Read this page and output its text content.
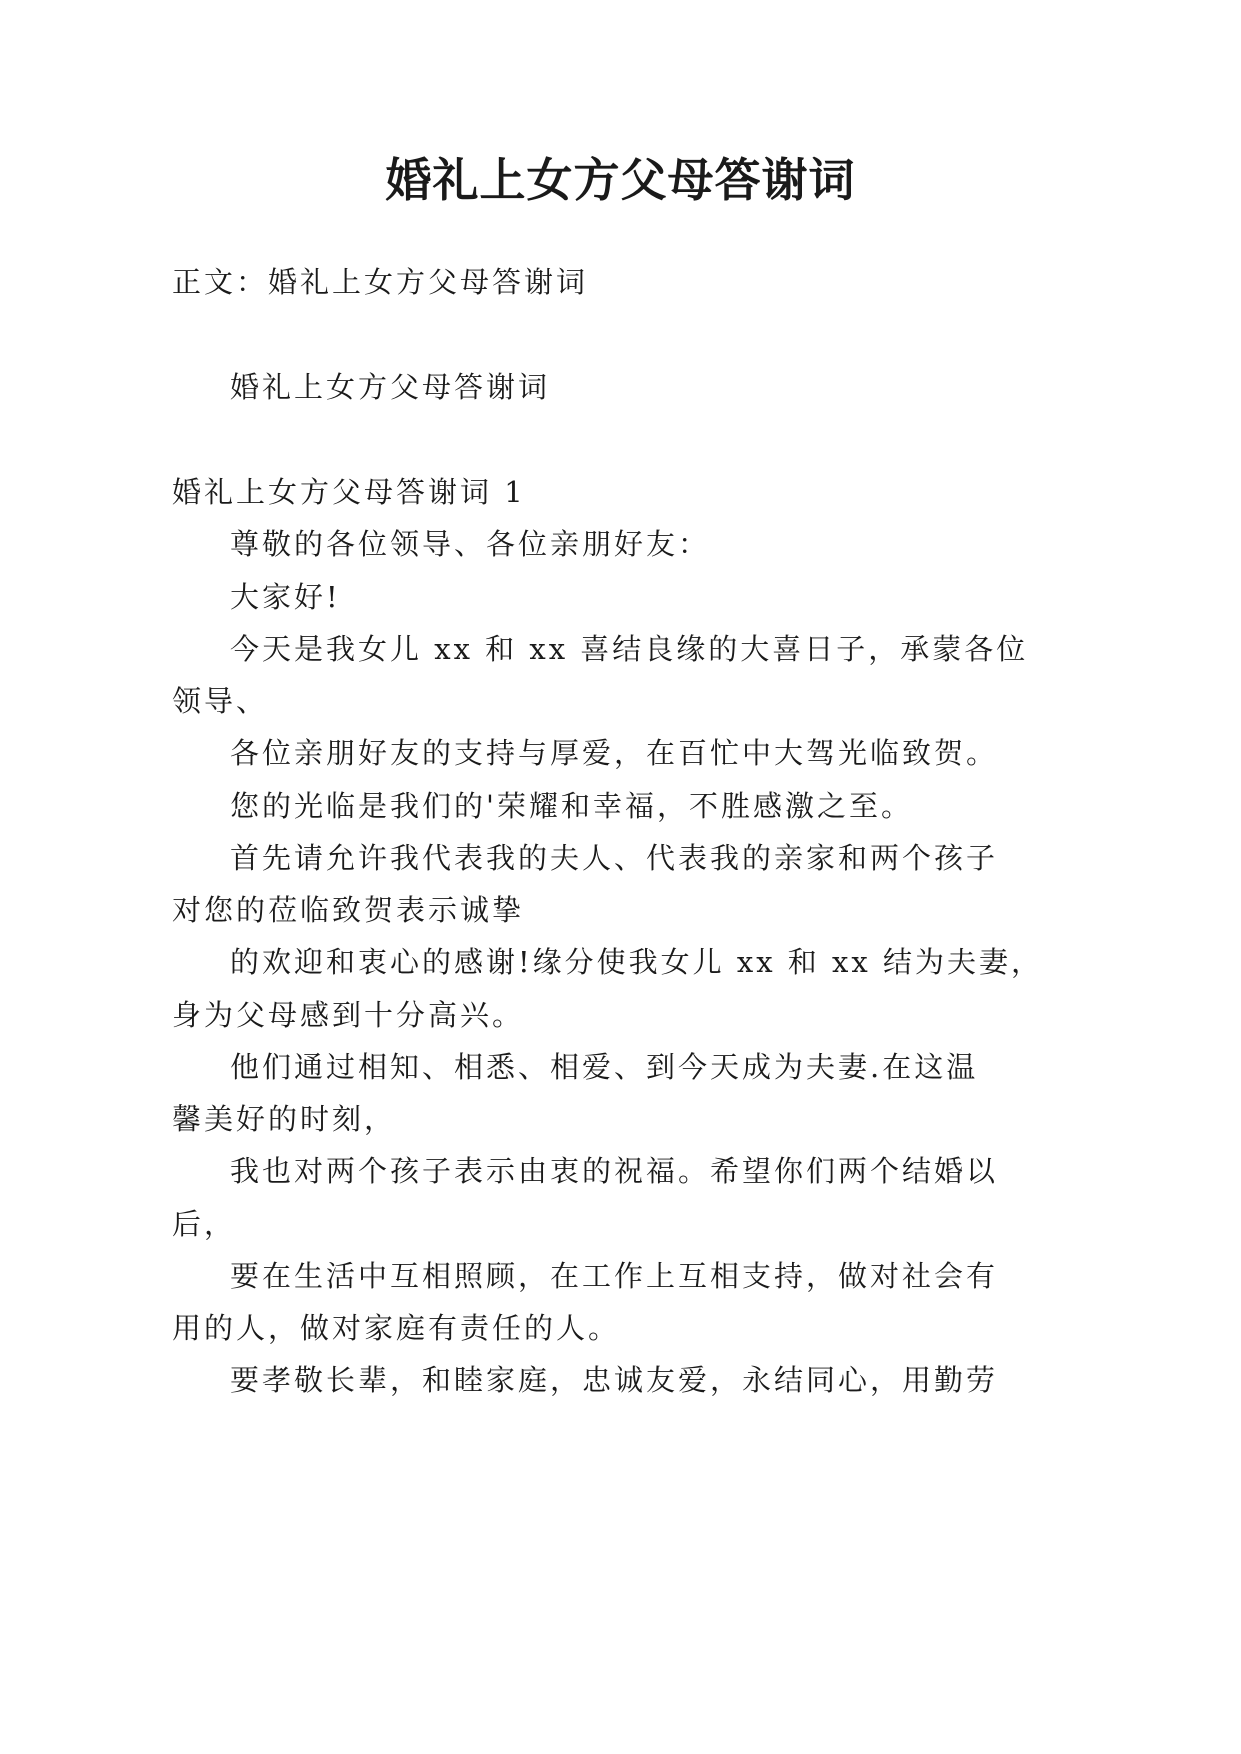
婚礼上女方父母答谢词
正文：婚礼上女方父母答谢词
婚礼上女方父母答谢词
婚礼上女方父母答谢词 1
尊敬的各位领导、各位亲朋好友：
大家好!
今天是我女儿 xx 和 xx 喜结良缘的大喜日子，承蒙各位
领导、
各位亲朋好友的支持与厚爱，在百忙中大驾光临致贺。
您的光临是我们的'荣耀和幸福，不胜感激之至。
首先请允许我代表我的夫人、代表我的亲家和两个孩子
对您的莅临致贺表示诚挚
的欢迎和衷心的感谢!缘分使我女儿 xx 和 xx 结为夫妻，
身为父母感到十分高兴。
他们通过相知、相悉、相爱、到今天成为夫妻.在这温
馨美好的时刻，
我也对两个孩子表示由衷的祝福。希望你们两个结婚以
后，
要在生活中互相照顾，在工作上互相支持，做对社会有
用的人，做对家庭有责任的人。
要孝敬长辈，和睦家庭，忠诚友爱，永结同心，用勤劳
